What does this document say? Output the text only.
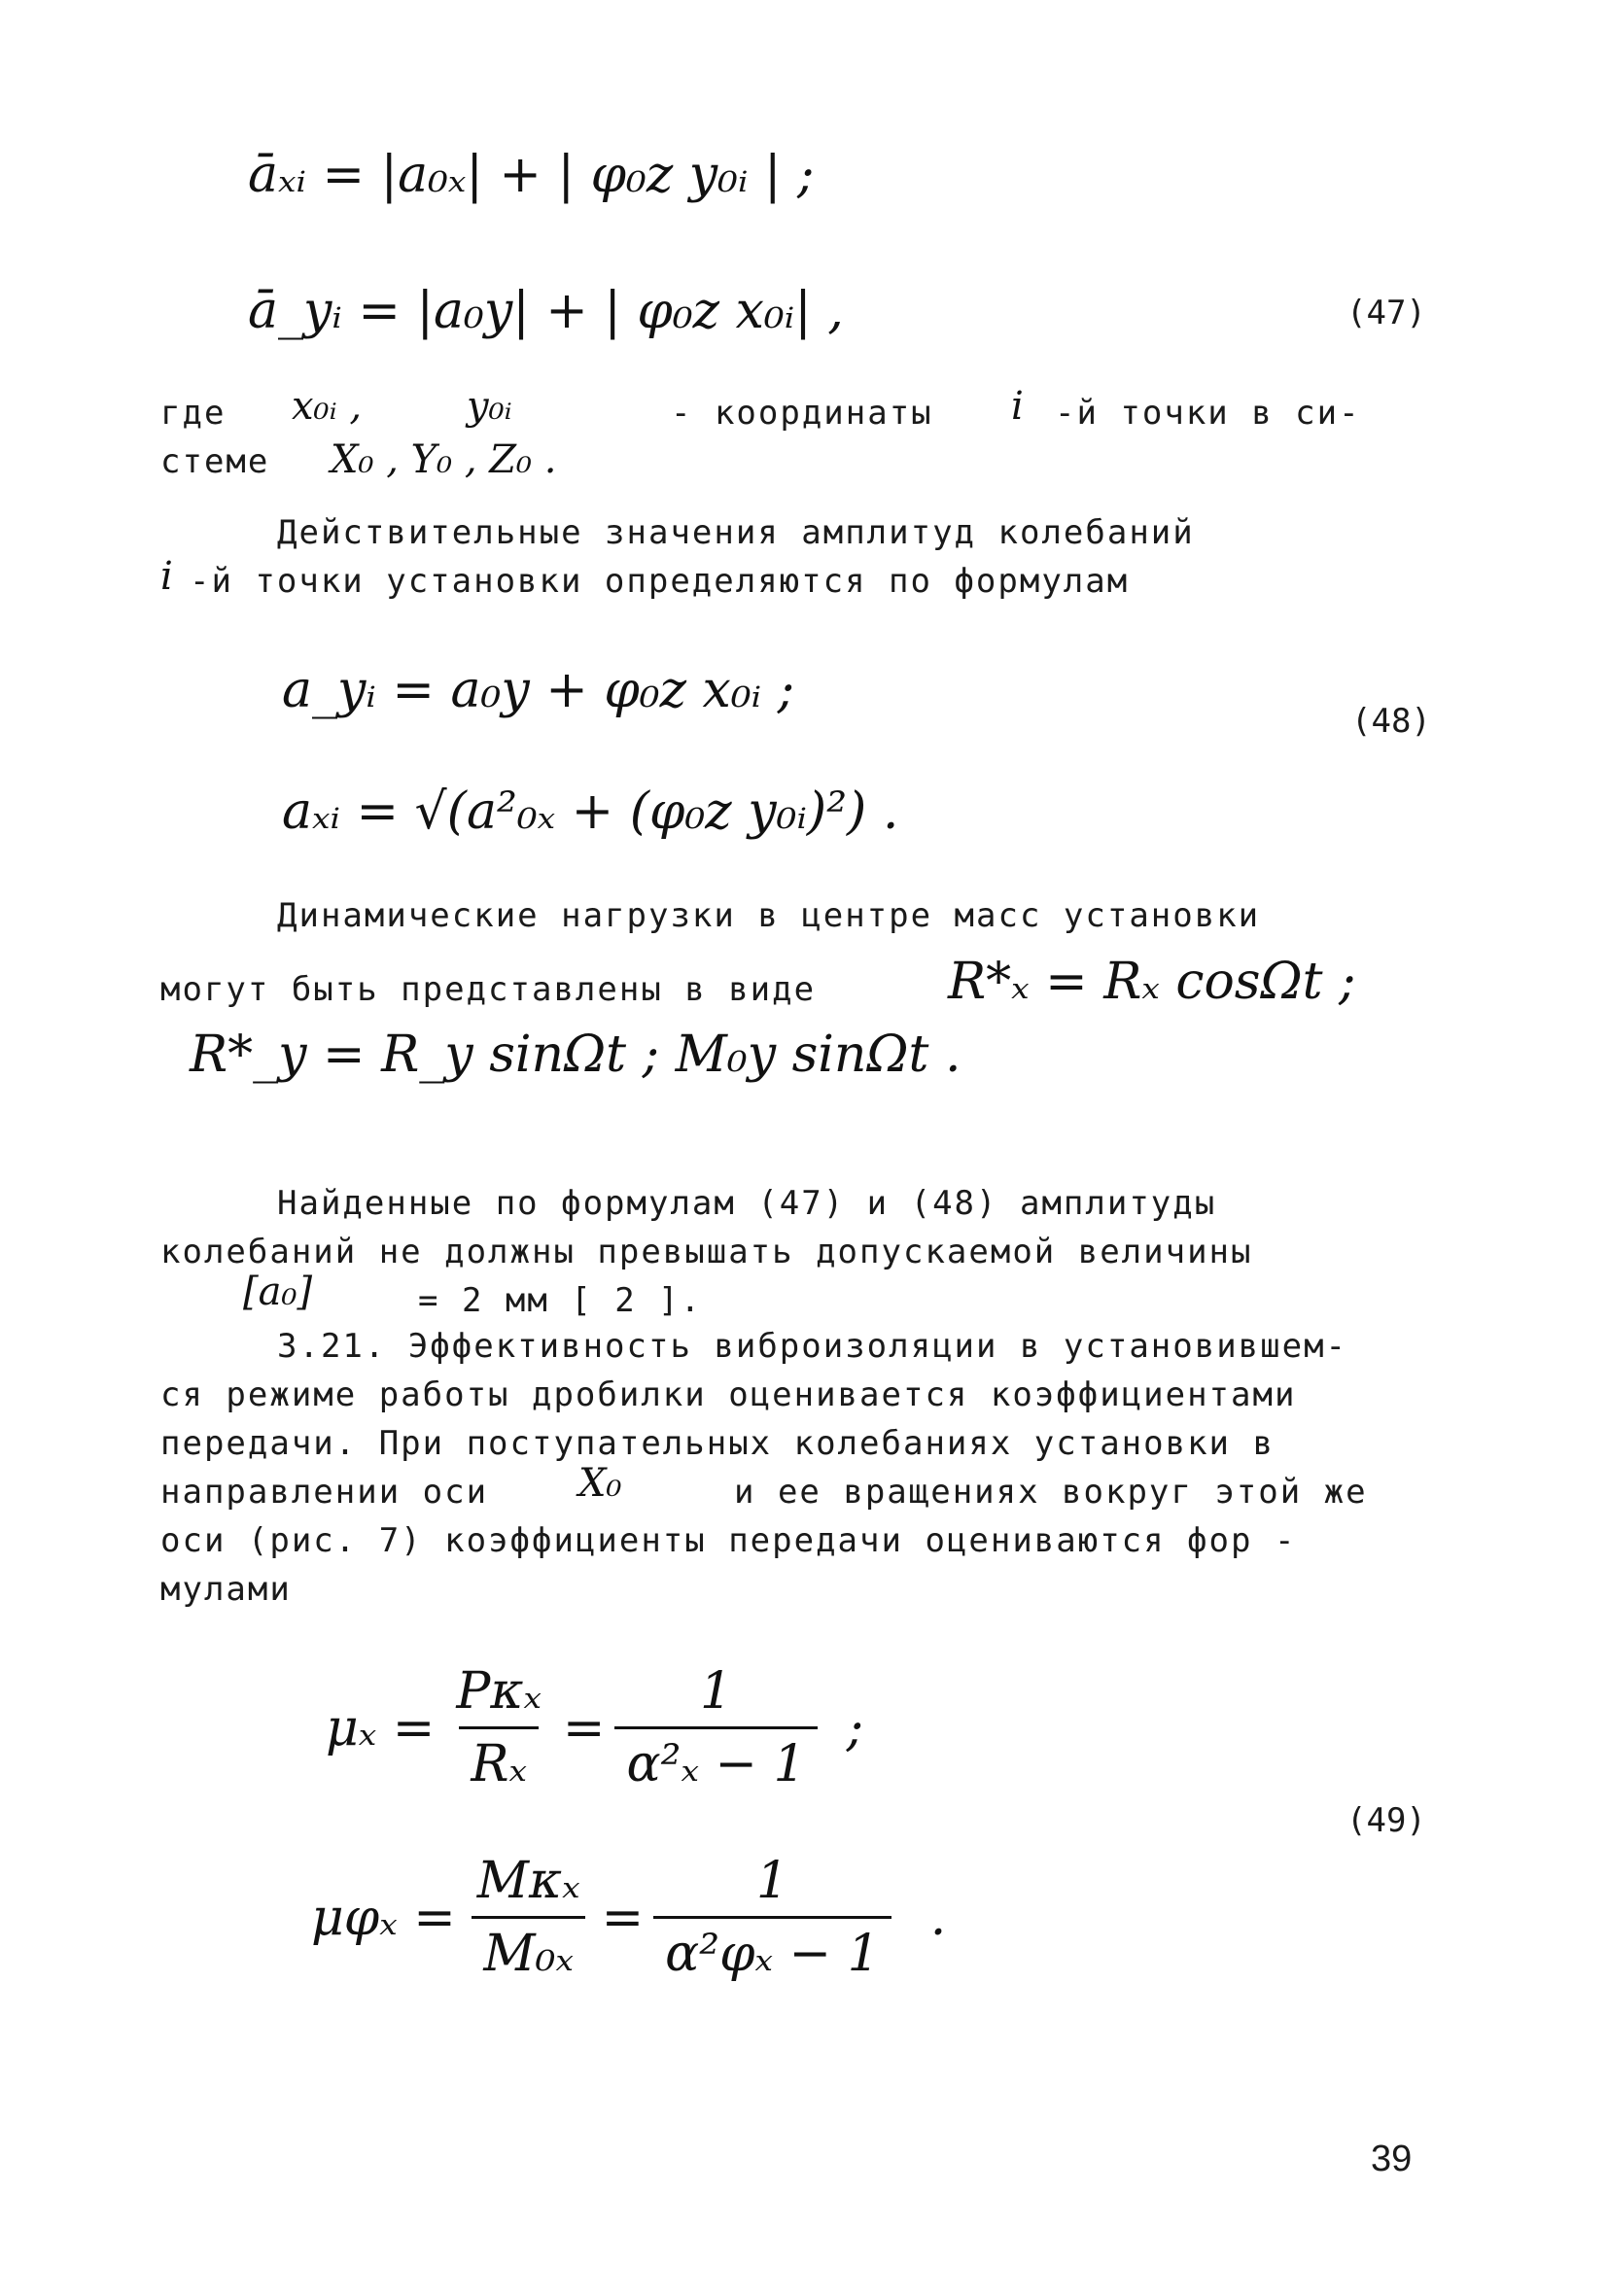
āₓᵢ = |a₀ₓ| + | φ₀z y₀ᵢ | ;
ā_yᵢ = |a₀y| + | φ₀z x₀ᵢ| ,	(47)
где x₀ᵢ ,	y₀ᵢ	- координаты i -й точки в си-
стеме X₀ , Y₀ , Z₀ .
Действительные значения амплитуд колебаний
i -й точки установки определяются по формулам
a_yᵢ = a₀y + φ₀z x₀ᵢ ;
aₓᵢ = √(a²₀ₓ + (φ₀z y₀ᵢ)²) .
(48)
Динамические нагрузки в центре масс установки
могут быть представлены в виде	R*ₓ = Rₓ cosΩt ;
R*_y = R_y sinΩt ; M₀y sinΩt .
Найденные по формулам (47) и (48) амплитуды
колебаний не должны превышать допускаемой величины
[a₀]	= 2 мм [ 2 ].
3.21. Эффективность виброизоляции в установившем-
ся режиме работы дробилки оценивается коэффициентами
передачи. При поступательных колебаниях установки в
направлении оси X₀	и ее вращениях вокруг этой же
оси (рис. 7) коэффициенты передачи оцениваются фор -
мулами
$\mu_x = \frac{\text{Pκₓ}}{\text{Rₓ}} = \frac{1}{\text{α²ₓ − 1}}$ ;
(49)
$\mu\varphi_x = \frac{\text{Mκₓ}}{\text{M₀ₓ}} = \frac{1}{\text{α²φₓ − 1}}$ .
39
